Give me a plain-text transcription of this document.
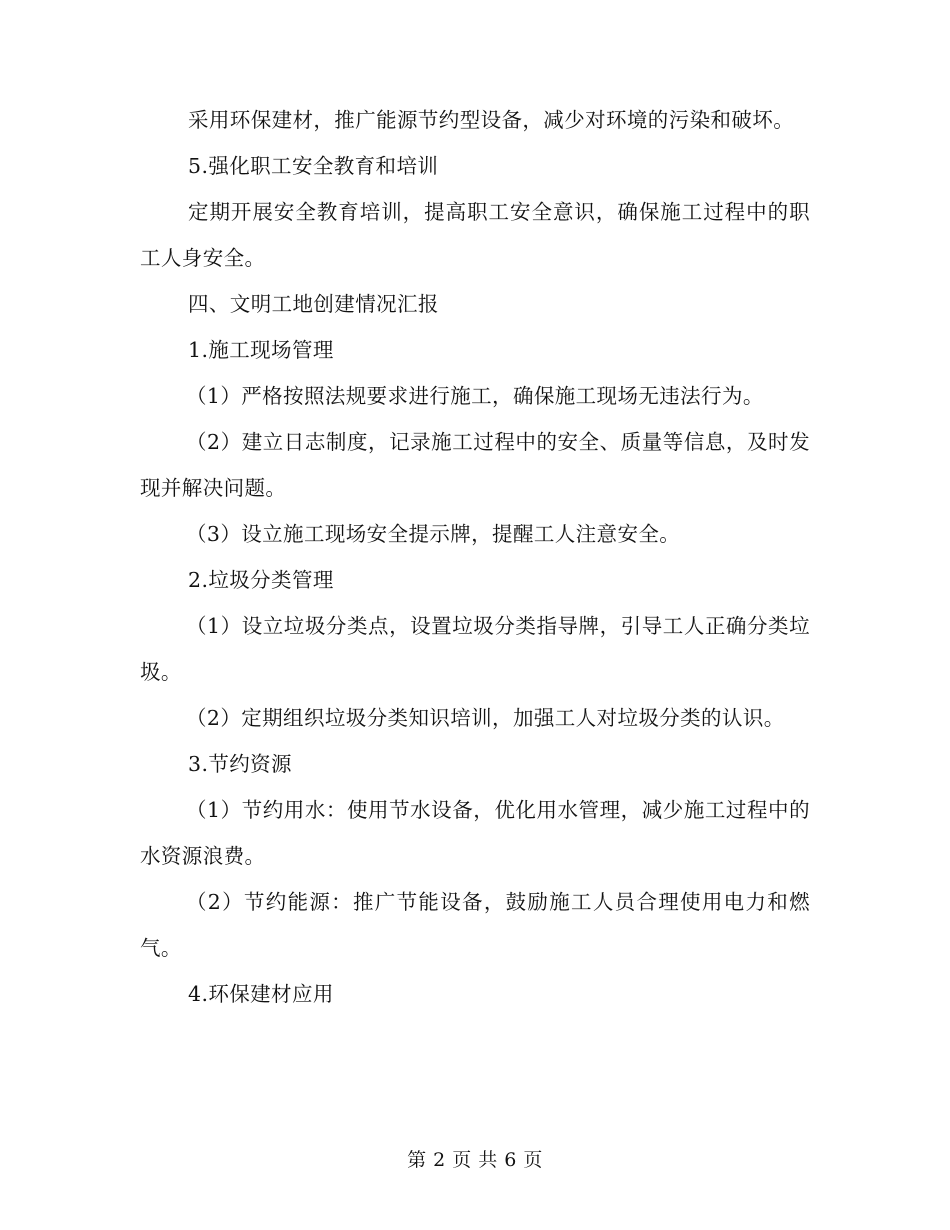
采用环保建材，推广能源节约型设备，减少对环境的污染和破坏。

5.强化职工安全教育和培训

定期开展安全教育培训，提高职工安全意识，确保施工过程中的职工人身安全。

四、文明工地创建情况汇报

1.施工现场管理

（1）严格按照法规要求进行施工，确保施工现场无违法行为。

（2）建立日志制度，记录施工过程中的安全、质量等信息，及时发现并解决问题。

（3）设立施工现场安全提示牌，提醒工人注意安全。

2.垃圾分类管理

（1）设立垃圾分类点，设置垃圾分类指导牌，引导工人正确分类垃圾。

（2）定期组织垃圾分类知识培训，加强工人对垃圾分类的认识。

3.节约资源

（1）节约用水：使用节水设备，优化用水管理，减少施工过程中的水资源浪费。

（2）节约能源：推广节能设备，鼓励施工人员合理使用电力和燃气。

4.环保建材应用

第 2 页 共 6 页
